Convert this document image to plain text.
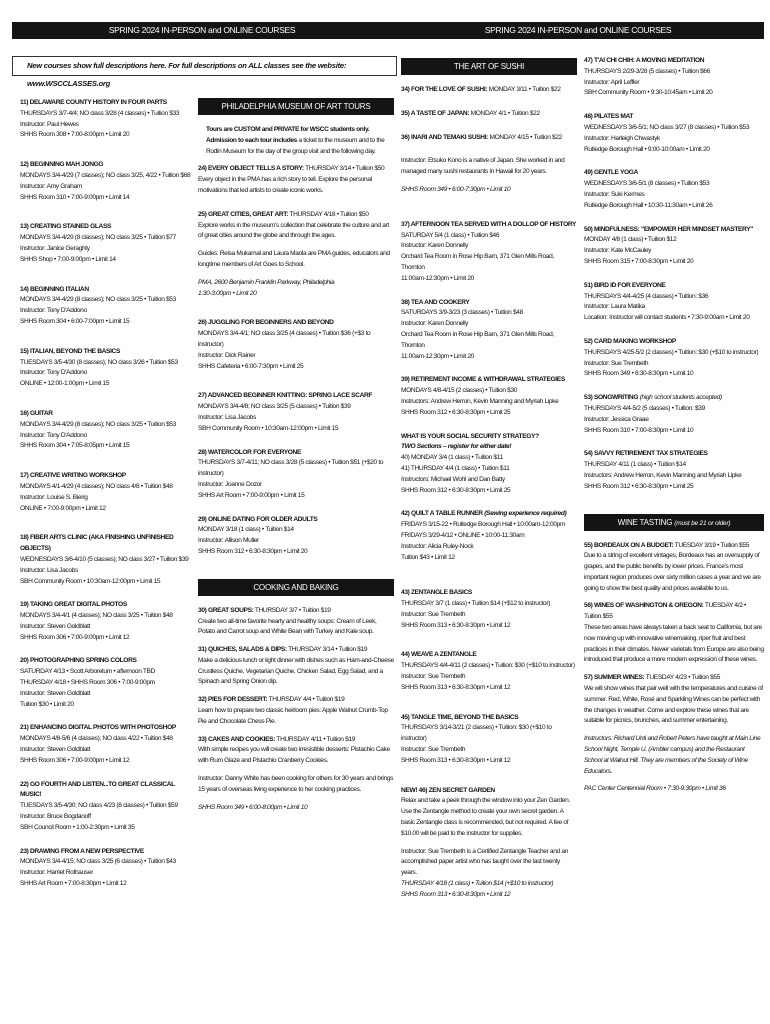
SPRING 2024 IN-PERSON and ONLINE COURSES	SPRING 2024 IN-PERSON and ONLINE COURSES
New courses show full descriptions here. For full descriptions on ALL classes see the website: www.WSCCLASSES.org
11) DELAWARE COUNTY HISTORY IN FOUR PARTS
THURSDAYS 3/7-4/4; NO class 3/28 (4 classes) • Tuition $33
Instructor: Paul Hewes
SHHS Room 308 • 7:00-8:00pm • Limit 20
12) BEGINNING MAH JONGG
MONDAYS 3/4-4/29 (7 classes); NO class 3/25, 4/22 • Tuition $68
Instructor: Amy Graham
SHHS Room 310 • 7:00-9:00pm • Limit 14
13) CREATING STAINED GLASS
MONDAYS 3/4-4/29 (8 classes); NO class 3/25 • Tuition $77
Instructor: Janice Geraghty
SHHS Shop • 7:00-9:00pm • Limit 14
14) BEGINNING ITALIAN
MONDAYS 3/4-4/29 (8 classes); NO class 3/25 • Tuition $53
Instructor: Tony D'Addono
SHHS Room 304 • 6:00-7:00pm • Limit 15
15) ITALIAN, BEYOND THE BASICS
TUESDAYS 3/5-4/30 (8 classes); NO class 3/26 • Tuition $53
Instructor: Tony D'Addono
ONLINE • 12:00-1:00pm • Limit 15
16) GUITAR
MONDAYS 3/4-4/29 (8 classes); NO class 3/25 • Tuition $53
Instructor: Tony D'Addono
SHHS Room 304 • 7:05-8:05pm • Limit 15
17) CREATIVE WRITING WORKSHOP
MONDAYS 4/1-4/29 (4 classes); NO class 4/8 • Tuition $48
Instructor: Louise S. Bierig
ONLINE • 7:00-9:00pm • Limit 12
18) FIBER ARTS CLINIC (AKA FINISHING UNFINISHED OBJECTS)
WEDNESDAYS 3/6-4/10 (5 classes); NO class 3/27 • Tuition $39
Instructor: Lisa Jacobs
SBH Community Room • 10:30am-12:00pm • Limit 15
19) TAKING GREAT DIGITAL PHOTOS
MONDAYS 3/4-4/1 (4 classes); NO class 3/25 • Tuition $48
Instructor: Steven Goldblatt
SHHS Room 306 • 7:00-9:00pm • Limit 12
20) PHOTOGRAPHING SPRING COLORS
SATURDAY 4/13 • Scott Arboretum • afternoon TBD
THURSDAY 4/18 • SHHS Room 306 • 7:00-9:00pm
Instructor: Steven Goldblatt
Tuition $30 • Limit 20
21) ENHANCING DIGITAL PHOTOS WITH PHOTOSHOP
MONDAYS 4/8-5/6 (4 classes); NO class 4/22 • Tuition $48
Instructor: Steven Goldblatt
SHHS Room 306 • 7:00-9:00pm • Limit 12
22) GO FOURTH AND LISTEN...TO GREAT CLASSICAL MUSIC!
TUESDAYS 3/5-4/30; NO class 4/23 (8 classes) • Tuition $59
Instructor: Bruce Bogdanoff
SBH Council Room • 1:00-2:30pm • Limit 35
23) DRAWING FROM A NEW PERSPECTIVE
MONDAYS 3/4-4/15; NO class 3/25 (6 classes) • Tuition $43
Instructor: Harriet Rothauser
SHHS Art Room • 7:00-8:30pm • Limit 12
PHILADELPHIA MUSEUM OF ART TOURS
Tours are CUSTOM and PRIVATE for WSCC students only. Admission to each tour includes a ticket to the museum and to the Rodin Museum for the day of the group visit and the following day.
24) EVERY OBJECT TELLS A STORY: THURSDAY 3/14 • Tuition $50
Every object in the PMA has a rich story to tell. Explore the personal motivations that led artists to create iconic works.
25) GREAT CITIES, GREAT ART: THURSDAY 4/18 • Tuition $50
Explore works in the museum's collection that celebrate the culture and art of great cities around the globe and through the ages.
Guides: Reisa Mukamal and Laura Maola are PMA guides, educators and longtime members of Art Goes to School.
PMA, 2600 Benjamin Franklin Parkway, Philadelphia
1:30-3:00pm • Limit 20
26) JUGGLING FOR BEGINNERS AND BEYOND
MONDAYS 3/4-4/1; NO class 3/25 (4 classes) • Tuition $36 (+$3 to instructor)
Instructor: Dick Rainer
SHHS Cafeteria • 6:00-7:30pm • Limit 25
27) ADVANCED BEGINNER KNITTING: SPRING LACE SCARF
MONDAYS 3/4-4/8; NO class 3/25 (5 classes) • Tuition $39
Instructor: Lisa Jacobs
SBH Community Room • 10:30am-12:00pm • Limit 15
28) WATERCOLOR FOR EVERYONE
THURSDAYS 3/7-4/11; NO class 3/28 (5 classes) • Tuition $51 (+$20 to instructor)
Instructor: Joanne Dozor
SHHS Art Room • 7:00-9:00pm • Limit 15
29) ONLINE DATING FOR OLDER ADULTS
MONDAY 3/18 (1 class) • Tuition $14
Instructor: Allison Muller
SHHS Room 312 • 6:30-8:30pm • Limit 20
COOKING AND BAKING
30) GREAT SOUPS: THURSDAY 3/7 • Tuition $19
Create two all-time favorite hearty and healthy soups: Cream of Leek, Potato and Carrot soup and White Bean with Turkey and Kale soup.
31) QUICHES, SALADS & DIPS: THURSDAY 3/14 • Tuition $19
Make a delicious lunch or light dinner with dishes such as Ham-and-Cheese Crustless Quiche, Vegetarian Quiche, Chicken Salad, Egg Salad, and a Spinach and Spring Onion dip.
32) PIES FOR DESSERT: THURSDAY 4/4 • Tuition $19
Learn how to prepare two classic heirloom pies: Apple Walnut Crumb-Top Pie and Chocolate Chess Pie.
33) CAKES AND COOKIES: THURSDAY 4/11 • Tuition $19
With simple recipes you will create two irresistible desserts: Pistachio Cake with Rum Glaze and Pistachio Cranberry Cookies.
Instructor: Danny White has been cooking for others for 30 years and brings 15 years of overseas living experience to her cooking practices.
SHHS Room 349 • 6:00-8:00pm • Limit 10
THE ART OF SUSHI
34) FOR THE LOVE OF SUSHI: MONDAY 3/11 • Tuition $22
35) A TASTE OF JAPAN: MONDAY 4/1 • Tuition $22
36) INARI AND TEMAKI SUSHI: MONDAY 4/15 • Tuition $22
Instructor: Etsuko Kono is a native of Japan. She worked in and managed many sushi restaurants in Hawaii for 20 years.
SHHS Room 349 • 6:00-7:30pm • Limit 10
37) AFTERNOON TEA SERVED WITH A DOLLOP OF HISTORY
SATURDAY 5/4 (1 class) • Tuition $46
Instructor: Karen Donnelly
Orchard Tea Room in Rose Hip Barn, 371 Glen Mills Road, Thornton
11:00am-12:30pm • Limit 20
38) TEA AND COOKERY
SATURDAYS 3/9-3/23 (3 classes) • Tuition $48
Instructor: Karen Donnelly
Orchard Tea Room in Rose Hip Barn, 371 Glen Mills Road, Thornton
11:00am-12:30pm • Limit 20
39) RETIREMENT INCOME & WITHDRAWAL STRATEGIES
MONDAYS 4/8-4/15 (2 classes) • Tuition $30
Instructors: Andrew Herron, Kevin Manning and Myriah Lipke
SHHS Room 312 • 6:30-8:30pm • Limit 25
WHAT IS YOUR SOCIAL SECURITY STRATEGY?
TWO Sections – register for either date!
40) MONDAY 3/4 (1 class) • Tuition $11
41) THURSDAY 4/4 (1 class) • Tuition $11
Instructors: Michael Wohl and Dan Batty
SHHS Room 312 • 6:30-8:30pm • Limit 25
42) QUILT A TABLE RUNNER (Sewing experience required)
FRIDAYS 3/15-22 • Rutledge Borough Hall • 10:00am-12:00pm
FRIDAYS 3/29-4/12 • ONLINE • 10:00-11:30am
Instructor: Alicia Ruley-Nock
Tuition $43 • Limit 12
43) ZENTANGLE BASICS
THURSDAY 3/7 (1 class) • Tuition $14 (+$12 to instructor)
Instructor: Sue Trembeth
SHHS Room 313 • 6:30-8:30pm • Limit 12
44) WEAVE A ZENTANGLE
THURSDAYS 4/4-4/11 (2 classes) • Tuition: $30 (+$10 to instructor)
Instructor: Sue Trembeth
SHHS Room 313 • 6:30-8:30pm • Limit 12
45) TANGLE TIME, BEYOND THE BASICS
THURSDAYS 3/14-3/21 (2 classes) • Tuition: $30 (+$10 to instructor)
Instructor: Sue Trembeth
SHHS Room 313 • 6:30-8:30pm • Limit 12
NEW! 46) ZEN SECRET GARDEN
Relax and take a peek through the window into your Zen Garden. Use the Zentangle method to create your own secret garden. A basic Zentangle class is recommended, but not required. A fee of $10.00 will be paid to the instructor for supplies.
Instructor: Sue Trembeth is a Certified Zentangle Teacher and an accomplished paper artist who has taught over the last twenty years.
THURSDAY 4/18 (1 class) • Tuition $14 (+$10 to instructor)
SHHS Room 313 • 6:30-8:30pm • Limit 12
47) T'AI CHI CHIH: A MOVING MEDITATION
THURSDAYS 2/29-3/28 (5 classes) • Tuition $66
Instructor: April Leffler
SBH Community Room • 9:30-10:45am • Limit 20
48) PILATES MAT
WEDNESDAYS 3/6-5/1; NO class 3/27 (8 classes) • Tuition $53
Instructor: Harleigh Chwastyk
Rutledge Borough Hall • 9:00-10:00am • Limit 20
49) GENTLE YOGA
WEDNESDAYS 3/6-5/1 (8 classes) • Tuition $53
Instructor: Suki Kermes
Rutledge Borough Hall • 10:30-11:30am • Limit 26
50) MINDFULNESS: "EMPOWER HER MINDSET MASTERY"
MONDAY 4/8 (1 class) • Tuition $12
Instructor: Kate McCauley
SHHS Room 315 • 7:00-8:30pm • Limit 20
51) BIRD ID FOR EVERYONE
THURSDAYS 4/4-4/25 (4 classes) • Tuition: $36
Instructor: Laura Matika
Location: Instructor will contact students • 7:30-9:00am • Limit 20
52) CARD MAKING WORKSHOP
THURSDAYS 4/25-5/2 (2 classes) • Tuition: $30 (+$10 to instructor)
Instructor: Sue Trembeth
SHHS Room 349 • 6:30-8:30pm • Limit 10
53) SONGWRITING (high school students accepted)
THURSDAYS 4/4-5/2 (5 classes) • Tuition: $39
Instructor: Jessica Graae
SHHS Room 310 • 7:00-8:30pm • Limit 10
54) SAVVY RETIREMENT TAX STRATEGIES
THURSDAY 4/11 (1 class) • Tuition $14
Instructors: Andrew Herron, Kevin Manning and Myriah Lipke
SHHS Room 312 • 6:30-8:30pm • Limit 25
WINE TASTING (must be 21 or older)
55) BORDEAUX ON A BUDGET: TUESDAY 3/19 • Tuition $55
Due to a string of excellent vintages, Bordeaux has an oversupply of grapes, and the public benefits by lower prices. France's most important region produces over sixty million cases a year and we are going to show the best quality and prices available to us.
56) WINES OF WASHINGTON & OREGON: TUESDAY 4/2 • Tuition $55
These two areas have always taken a back seat to California, but are now moving up with innovative winemaking, riper fruit and best practices in their climates. Newer varietals from Europe are also being introduced that produce a more modern expression of these wines.
57) SUMMER WINES: TUESDAY 4/23 • Tuition $55
We will show wines that pair well with the temperatures and cuisine of summer. Red, White, Rosé and Sparkling Wines can be perfect with the changes in weather. Come and explore these wines that are suitable for picnics, brunches, and summer entertaining.
Instructors: Richard Unti and Robert Peters have taught at Main Line School Night, Temple U. (Ambler campus) and the Restaurant School at Walnut Hill. They are members of the Society of Wine Educators.
PAC Center Centennial Room • 7:30-9:30pm • Limit 36
